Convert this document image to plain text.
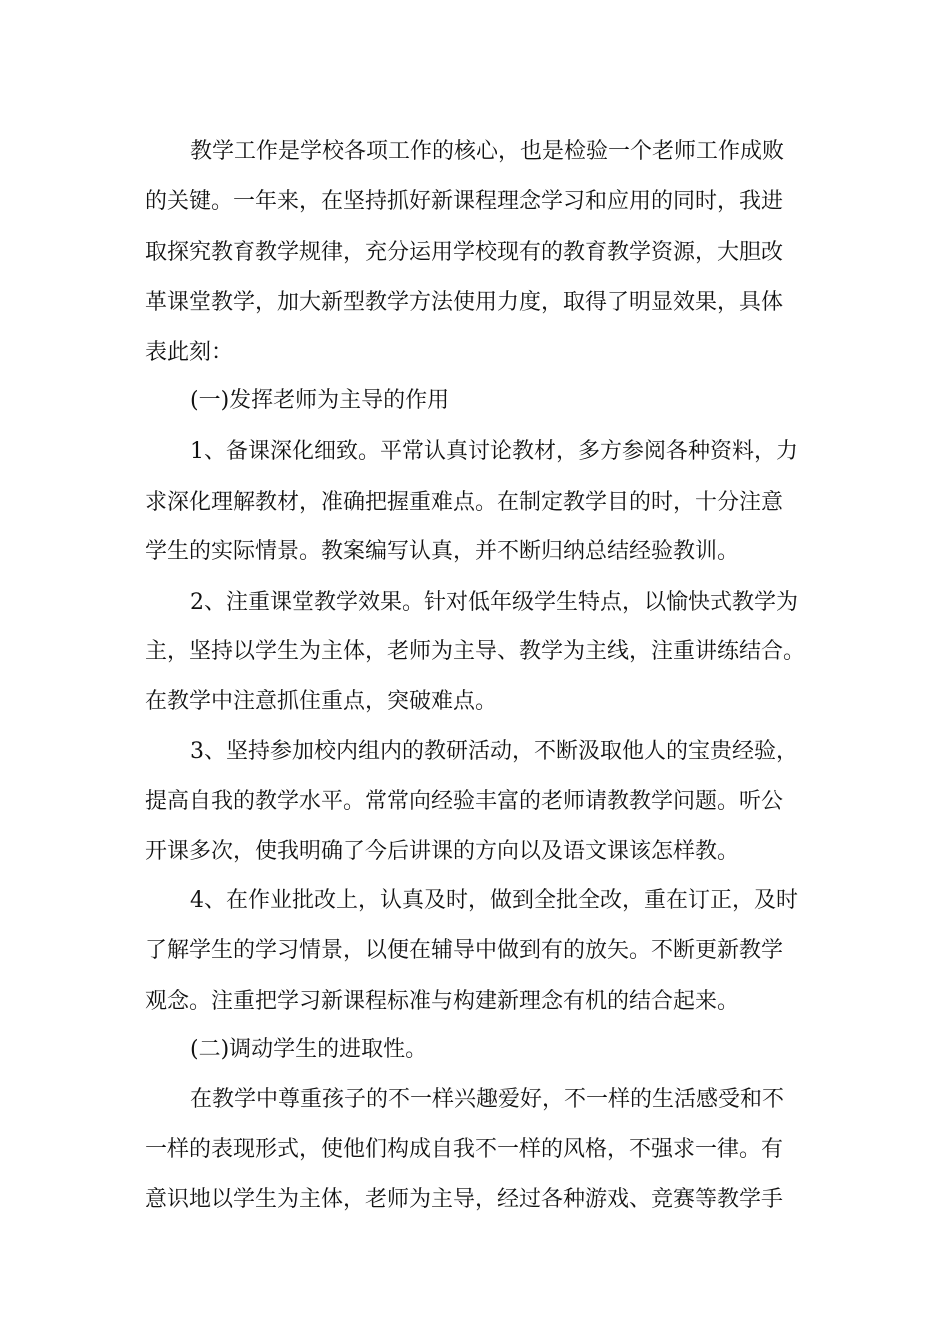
教学工作是学校各项工作的核心，也是检验一个老师工作成败
的关键。一年来，在坚持抓好新课程理念学习和应用的同时，我进
取探究教育教学规律，充分运用学校现有的教育教学资源，大胆改
革课堂教学，加大新型教学方法使用力度，取得了明显效果，具体
表此刻：
(一)发挥老师为主导的作用
1、备课深化细致。平常认真讨论教材，多方参阅各种资料，力
求深化理解教材，准确把握重难点。在制定教学目的时，十分注意
学生的实际情景。教案编写认真，并不断归纳总结经验教训。
2、注重课堂教学效果。针对低年级学生特点，以愉快式教学为
主，坚持以学生为主体，老师为主导、教学为主线，注重讲练结合。
在教学中注意抓住重点，突破难点。
3、坚持参加校内组内的教研活动，不断汲取他人的宝贵经验，
提高自我的教学水平。常常向经验丰富的老师请教教学问题。听公
开课多次，使我明确了今后讲课的方向以及语文课该怎样教。
4、在作业批改上，认真及时，做到全批全改，重在订正，及时
了解学生的学习情景，以便在辅导中做到有的放矢。不断更新教学
观念。注重把学习新课程标准与构建新理念有机的结合起来。
(二)调动学生的进取性。
在教学中尊重孩子的不一样兴趣爱好，不一样的生活感受和不
一样的表现形式，使他们构成自我不一样的风格，不强求一律。有
意识地以学生为主体，老师为主导，经过各种游戏、竞赛等教学手
